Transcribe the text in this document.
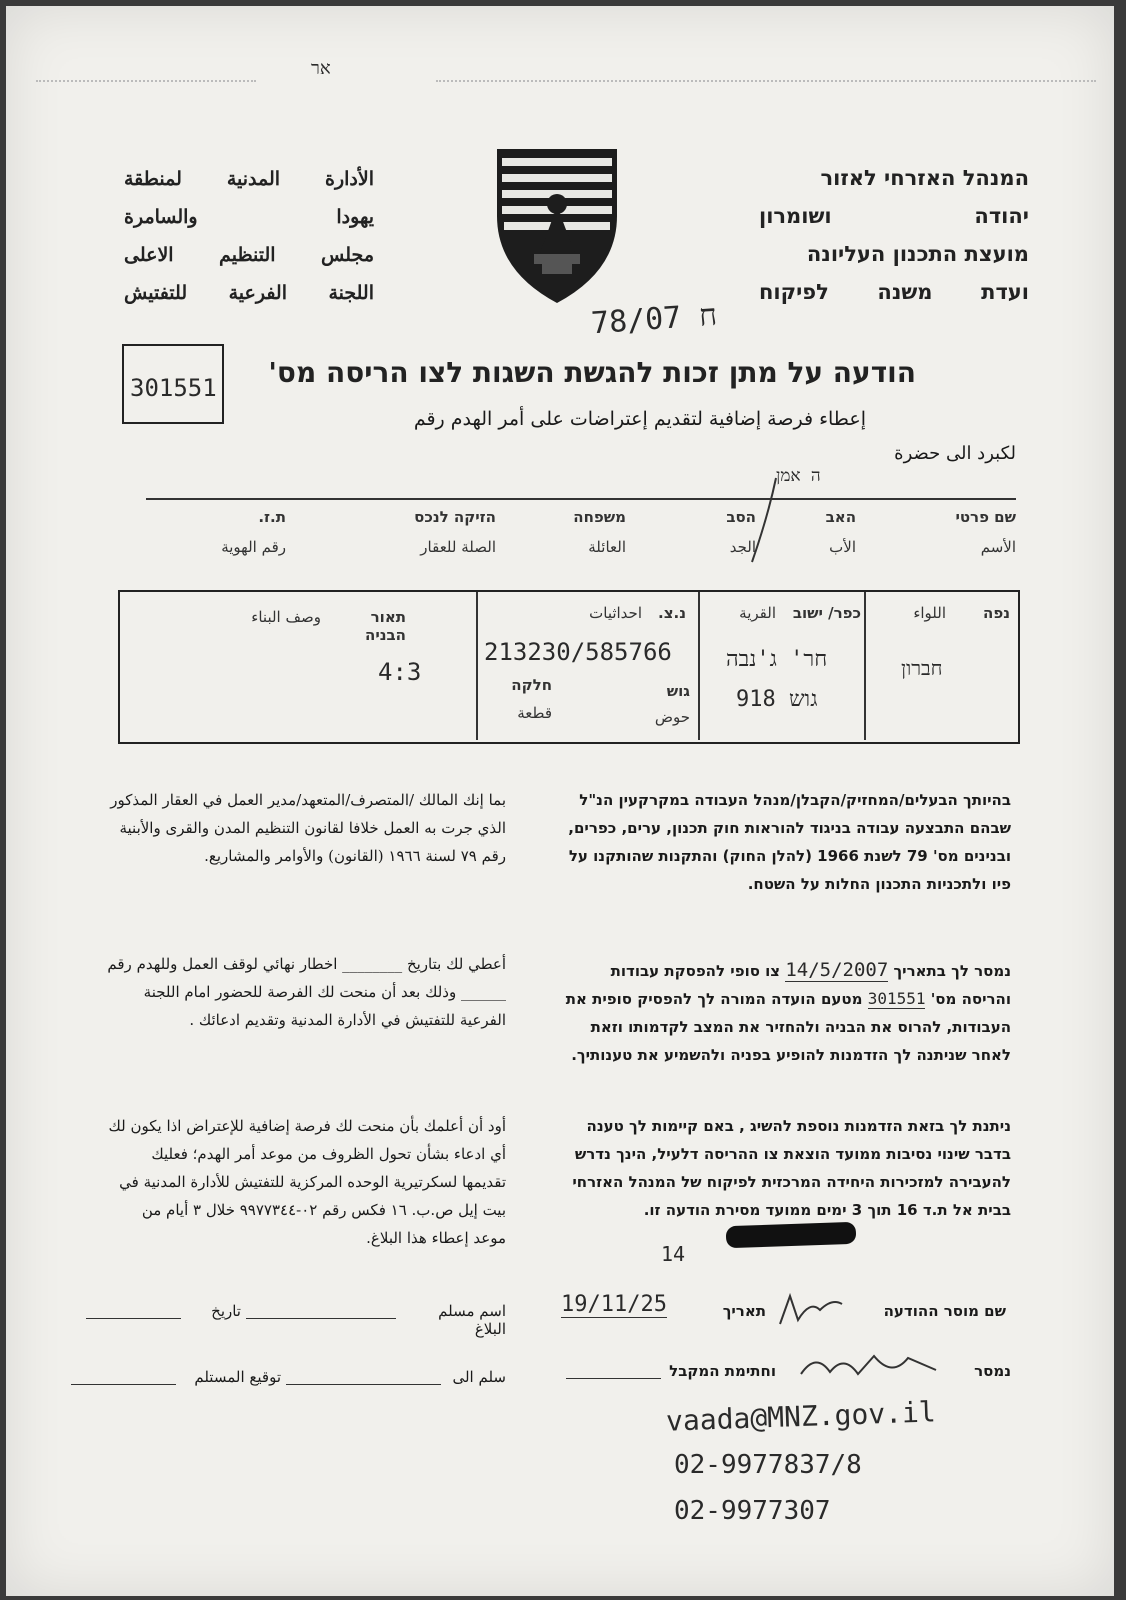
אר
המנהל האזרחי לאזור
יהודה ושומרון
מועצת התכנון העליונה
ועדת משנה לפיקוח
الأدارة المدنية لمنطقة
يهودا والسامرة
مجلس التنظيم الاعلى
اللجنة الفرعية للتفتيش
78/07 ח
301551	הודעה על מתן זכות להגשת השגות לצו הריסה מס'
إعطاء فرصة إضافية لتقديم إعتراضات على أمر الهدم رقم
لكبرد الى حضرة
ה אמן
שם פרטי
الأسم
האב
الأب
הסב
الجد
משפחה
العائلة
הזיקה לנכס
الصلة للعقار
ת.ז.
رقم الهوية
נפה
اللواء
חברון
כפר/ ישוב
القرية
חר' ג'נבה
918 גוש
נ.צ.
احداثيات
213230/585766
גוש
حوض
חלקה
قطعة
תאור הבניה
وصف البناء
4:3
بما إنك المالك /المتصرف/المتعهد/مدير العمل في العقار المذكور الذي جرت به العمل خلافا لقانون التنظيم المدن والقرى والأبنية رقم ٧٩ لسنة ١٩٦٦ (القانون) والأوامر والمشاريع.
أعطي لك بتاريخ ________ اخطار نهائي لوقف العمل وللهدم رقم ______ وذلك بعد أن منحت لك الفرصة للحضور امام اللجنة الفرعية للتفتيش في الأدارة المدنية وتقديم ادعائك .
أود أن أعلمك بأن منحت لك فرصة إضافية للإعتراض اذا يكون لك أي ادعاء بشأن تحول الظروف من موعد أمر الهدم؛ فعليك تقديمها لسكرتيرية الوحده المركزية للتفتيش للأدارة المدنية في بيت إيل ص.ب. ١٦ فكس رقم ٠٢-٩٩٧٧٣٤٤ خلال ٣ أيام من موعد إعطاء هذا البلاغ.
اسم مسلم البلاغ
تاريخ
سلم الى
توقيع المستلم
בהיותך הבעלים/המחזיק/הקבלן/מנהל העבודה במקרקעין הנ"ל שבהם התבצעה עבודה בניגוד להוראות חוק תכנון, ערים, כפרים, ובנינים מס' 79 לשנת 1966 (להלן החוק) והתקנות שהותקנו על פיו ולתכניות התכנון החלות על השטח.
נמסר לך בתאריך 14/5/2007 צו סופי להפסקת עבודות והריסה מס' 301551 מטעם הועדה המורה לך להפסיק סופית את העבודות, להרוס את הבניה ולהחזיר את המצב לקדמותו וזאת לאחר שניתנה לך הזדמנות להופיע בפניה ולהשמיע את טענותיך.
ניתנת לך בזאת הזדמנות נוספת להשיג , באם קיימות לך טענה בדבר שינוי נסיבות ממועד הוצאת צו ההריסה דלעיל, הינך נדרש להעבירה למזכירות היחידה המרכזית לפיקוח של המנהל האזרחי בבית אל ת.ד 16 תוך 3 ימים ממועד מסירת הודעה זו.
14
שם מוסר ההודעה
תאריך
19/11/25
נמסר
וחתימת המקבל
vaada@MNZ.gov.il
02-9977837/8
02-9977307
